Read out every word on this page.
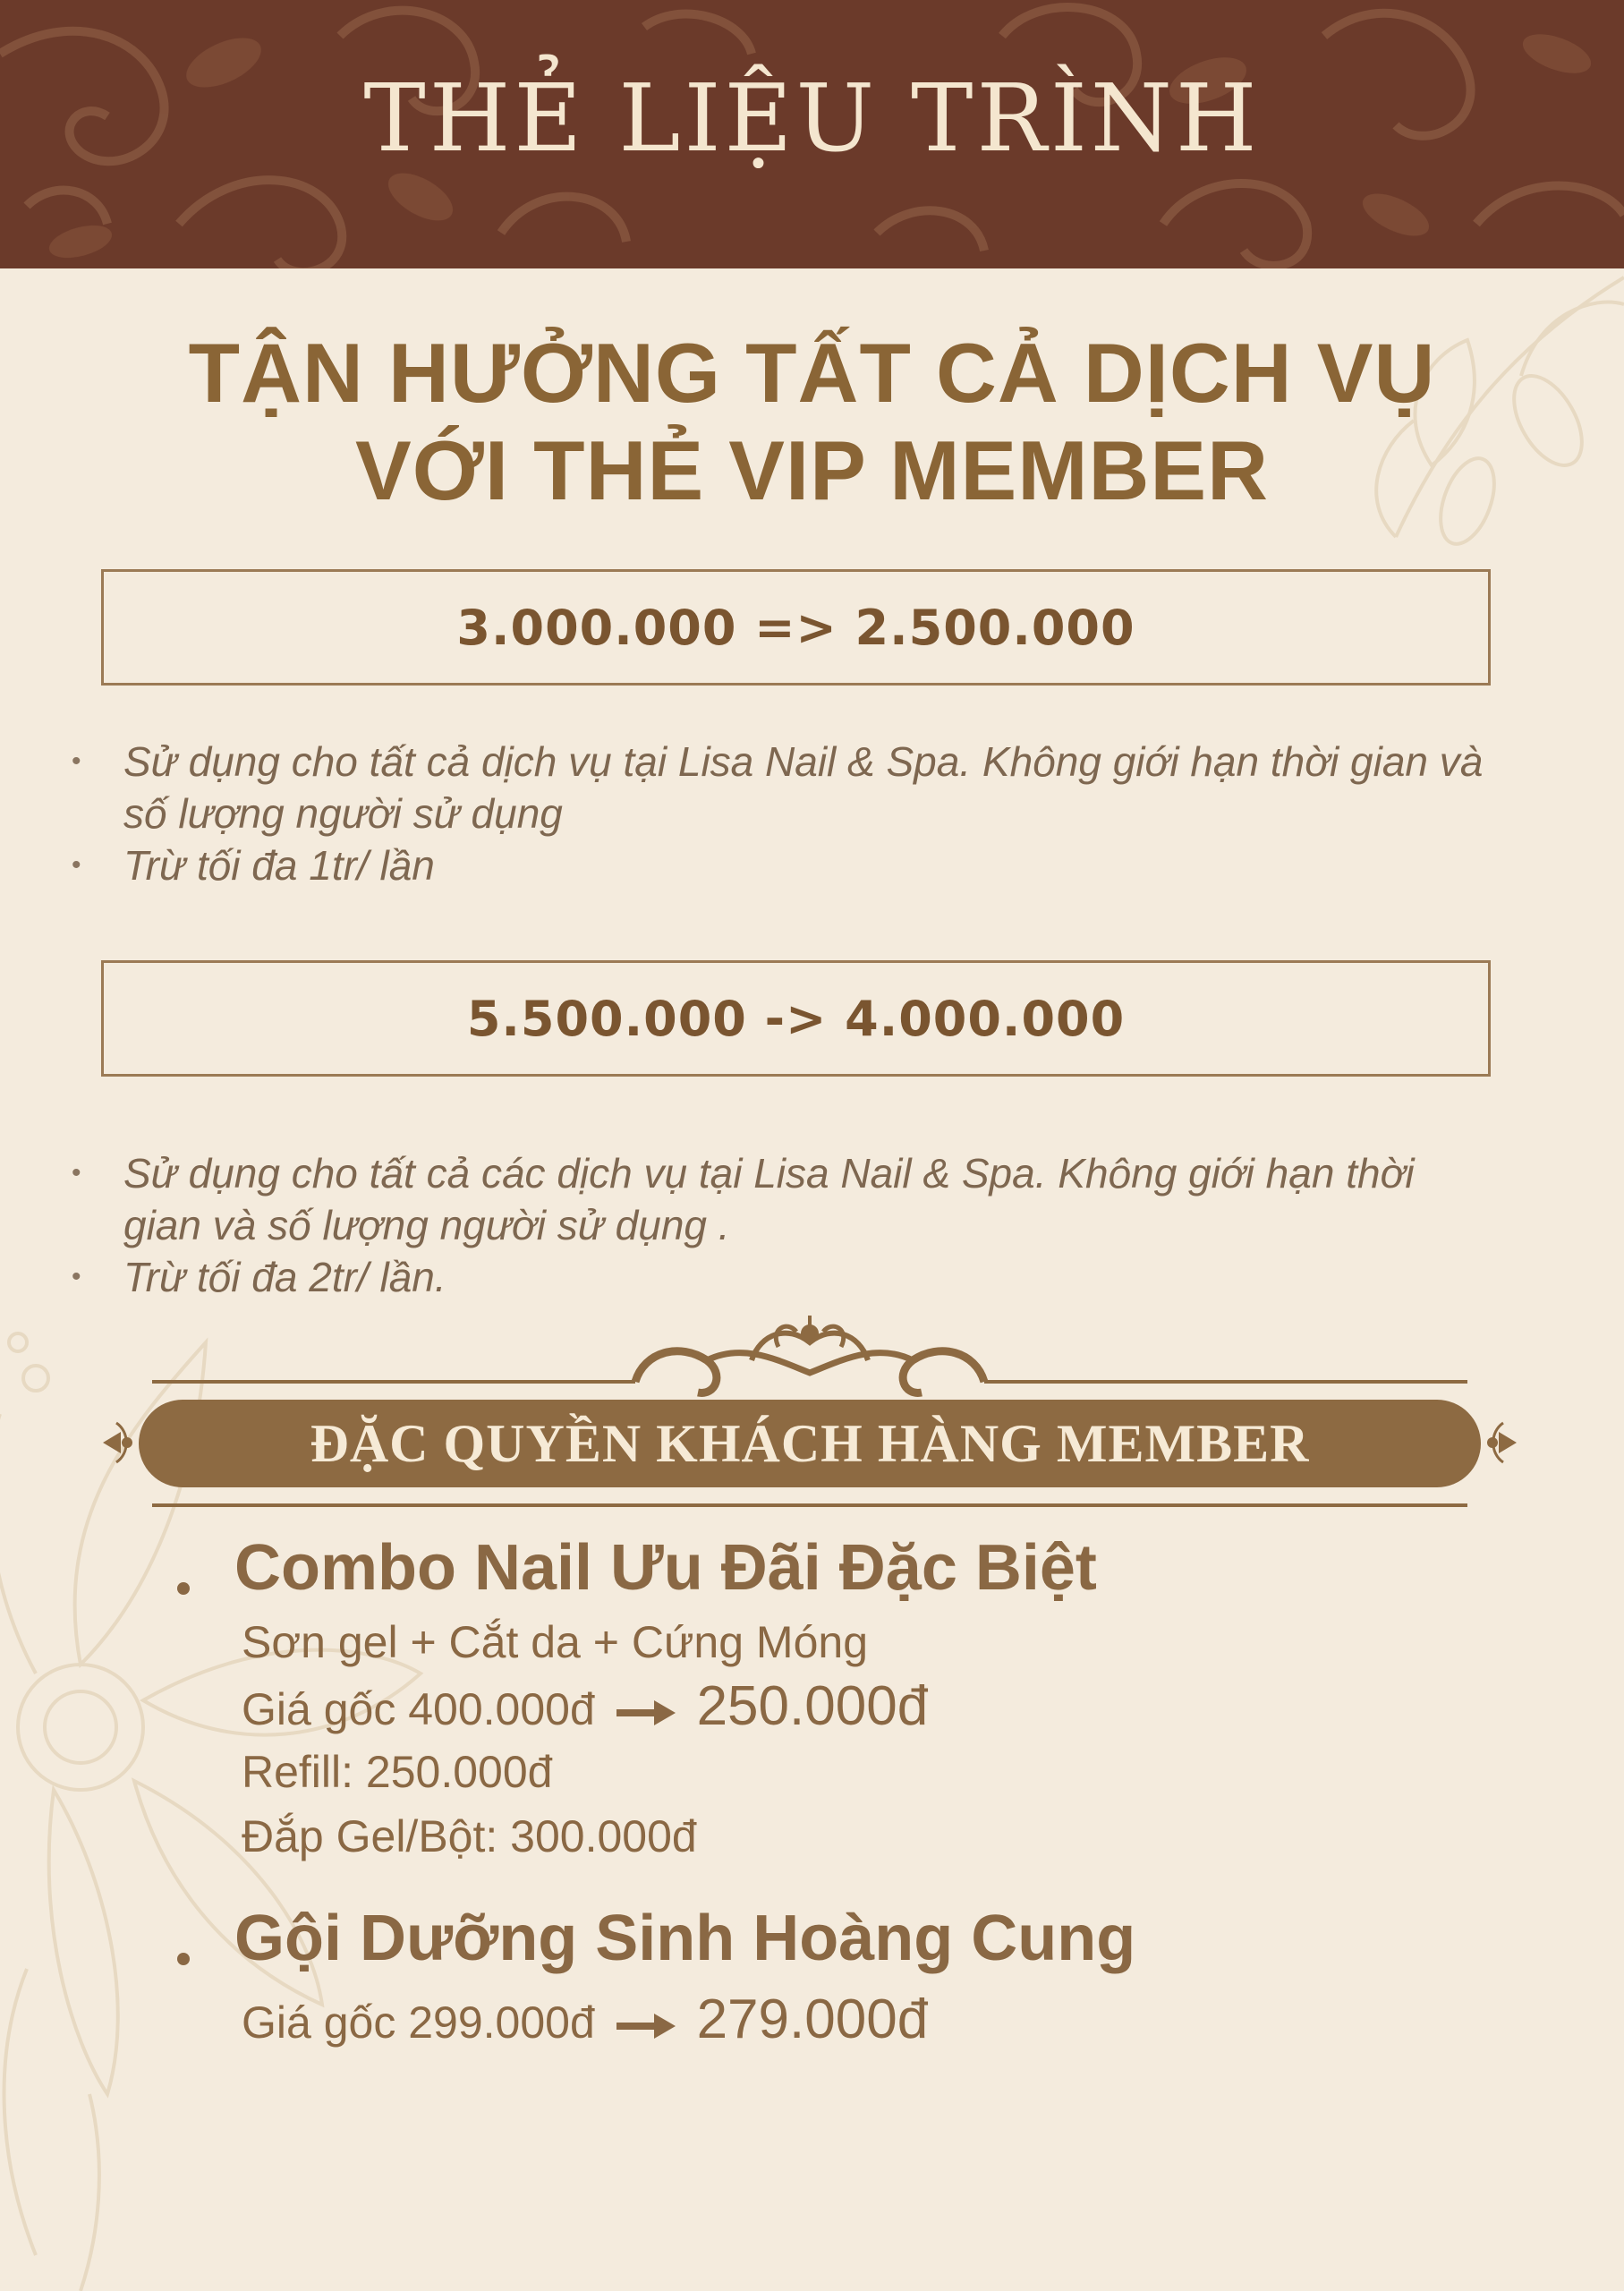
THẺ LIỆU TRÌNH
TẬN HƯỞNG TẤT CẢ DỊCH VỤ
VỚI THẺ VIP MEMBER
3.000.000 => 2.500.000
• Sử dụng cho tất cả dịch vụ tại Lisa Nail & Spa. Không giới hạn thời gian và số lượng người sử dụng
• Trừ tối đa 1tr/ lần
5.500.000 -> 4.000.000
• Sử dụng cho tất cả các dịch vụ tại Lisa Nail & Spa. Không giới hạn thời gian và số lượng người sử dụng .
• Trừ tối đa 2tr/ lần.
ĐẶC QUYỀN KHÁCH HÀNG MEMBER
Combo Nail Ưu Đãi Đặc Biệt

Sơn gel + Cắt da + Cứng Móng

Giá gốc 400.000đ 250.000đ

Refill: 250.000đ

Đắp Gel/Bột: 300.000đ

Gội Dưỡng Sinh Hoàng Cung

Giá gốc 299.000đ 279.000đ
